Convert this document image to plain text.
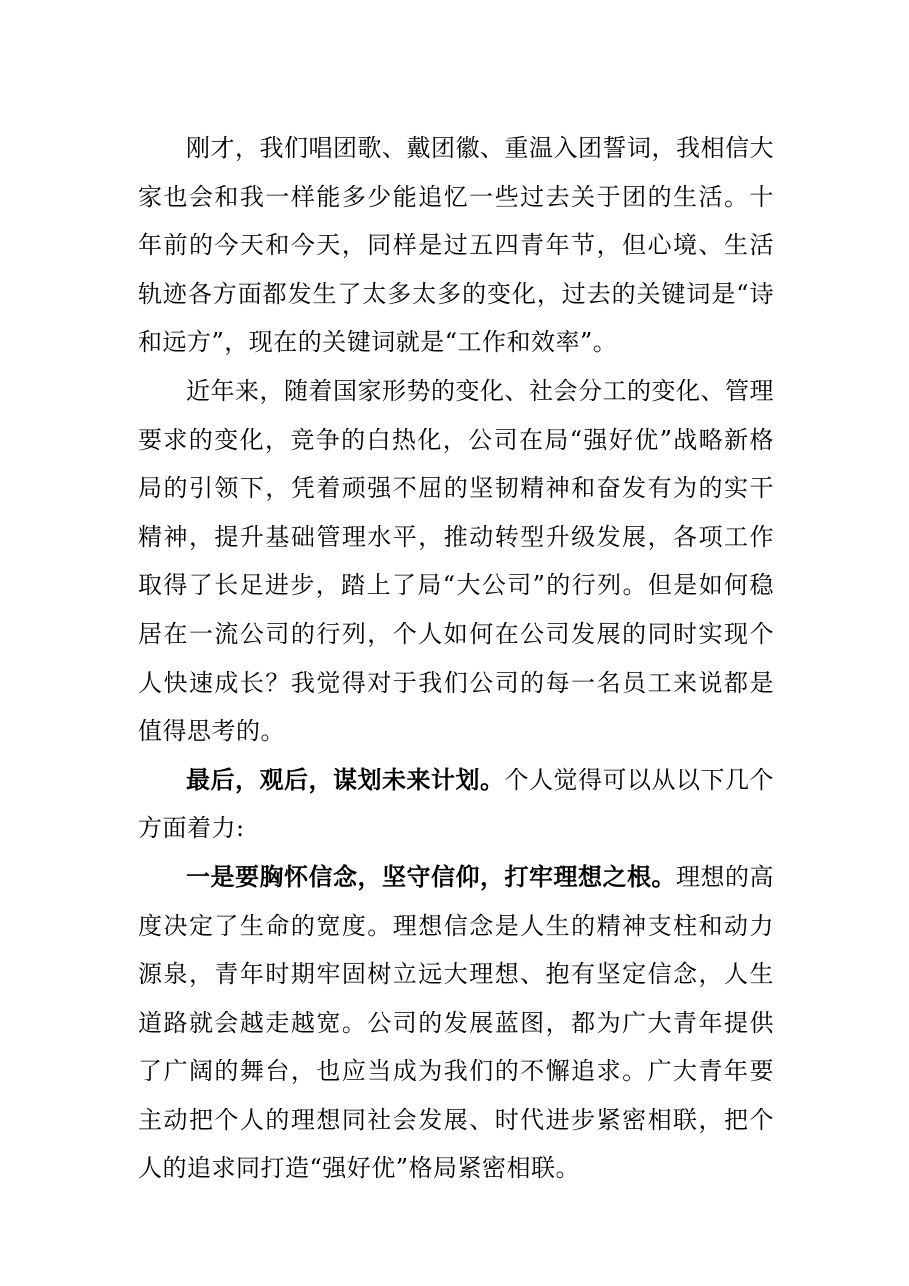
刚才，我们唱团歌、戴团徽、重温入团誓词，我相信大家也会和我一样能多少能追忆一些过去关于团的生活。十年前的今天和今天，同样是过五四青年节，但心境、生活轨迹各方面都发生了太多太多的变化，过去的关键词是“诗和远方”，现在的关键词就是“工作和效率”。

近年来，随着国家形势的变化、社会分工的变化、管理要求的变化，竞争的白热化，公司在局“强好优”战略新格局的引领下，凭着顽强不屈的坚韧精神和奋发有为的实干精神，提升基础管理水平，推动转型升级发展，各项工作取得了长足进步，踏上了局“大公司”的行列。但是如何稳居在一流公司的行列，个人如何在公司发展的同时实现个人快速成长？我觉得对于我们公司的每一名员工来说都是值得思考的。

最后，观后，谋划未来计划。个人觉得可以从以下几个方面着力:

一是要胸怀信念，坚守信仰，打牢理想之根。理想的高度决定了生命的宽度。理想信念是人生的精神支柱和动力源泉，青年时期牢固树立远大理想、抱有坚定信念，人生道路就会越走越宽。公司的发展蓝图，都为广大青年提供了广阔的舞台，也应当成为我们的不懈追求。广大青年要主动把个人的理想同社会发展、时代进步紧密相联，把个人的追求同打造“强好优”格局紧密相联。
